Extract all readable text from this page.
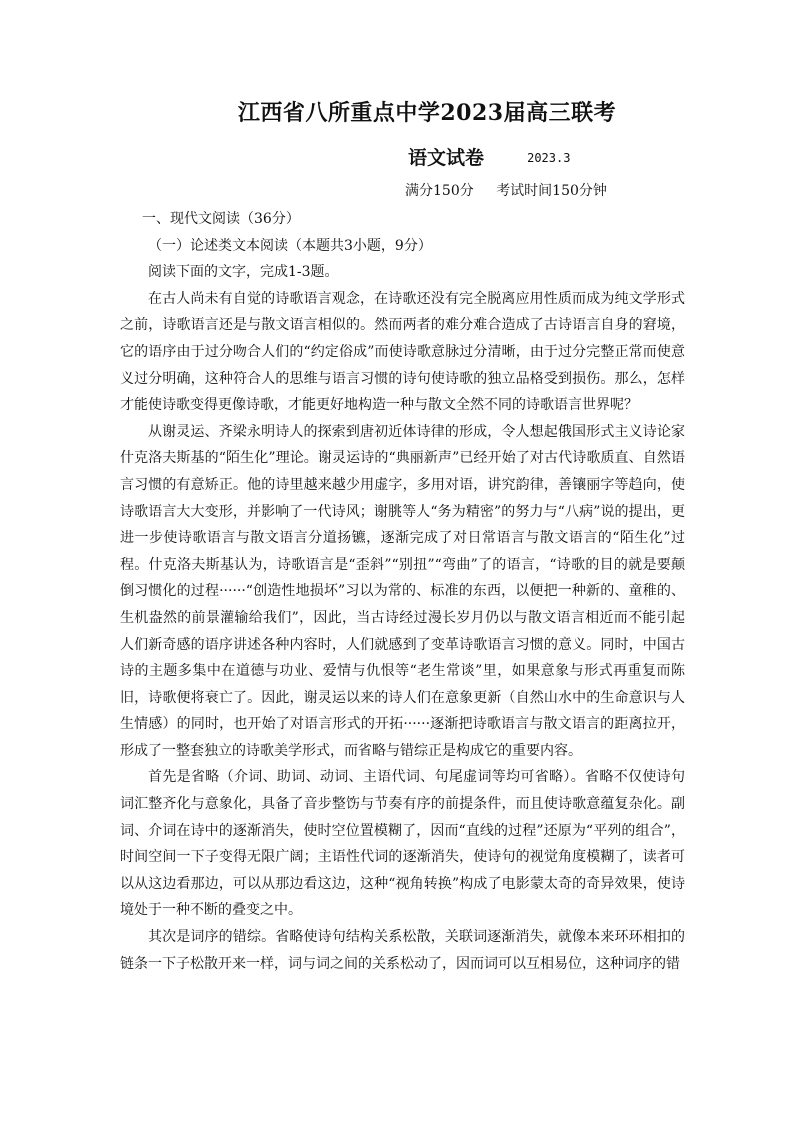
江西省八所重点中学2023届高三联考
语文试卷	2023.3
满分150分 考试时间150分钟

一、现代文阅读（36分）

（一）论述类文本阅读（本题共3小题，9分）

阅读下面的文字，完成1-3题。

在古人尚未有自觉的诗歌语言观念，在诗歌还没有完全脱离应用性质而成为纯文学形式之前，诗歌语言还是与散文语言相似的。然而两者的难分难合造成了古诗语言自身的窘境，它的语序由于过分吻合人们的“约定俗成”而使诗歌意脉过分清晰，由于过分完整正常而使意义过分明确，这种符合人的思维与语言习惯的诗句使诗歌的独立品格受到损伤。那么，怎样才能使诗歌变得更像诗歌，才能更好地构造一种与散文全然不同的诗歌语言世界呢？

从谢灵运、齐梁永明诗人的探索到唐初近体诗律的形成，令人想起俄国形式主义诗论家什克洛夫斯基的“陌生化”理论。谢灵运诗的“典丽新声”已经开始了对古代诗歌质直、自然语言习惯的有意矫正。他的诗里越来越少用虚字，多用对语，讲究韵律，善镶丽字等趋向，使诗歌语言大大变形，并影响了一代诗风；谢朓等人“务为精密”的努力与“八病”说的提出，更进一步使诗歌语言与散文语言分道扬镳，逐渐完成了对日常语言与散文语言的“陌生化”过程。什克洛夫斯基认为，诗歌语言是“歪斜”“别扭”“弯曲”了的语言，“诗歌的目的就是要颠倒习惯化的过程······“创造性地损坏”习以为常的、标准的东西，以便把一种新的、童稚的、生机盎然的前景灌输给我们”，因此，当古诗经过漫长岁月仍以与散文语言相近而不能引起人们新奇感的语序讲述各种内容时，人们就感到了变革诗歌语言习惯的意义。同时，中国古诗的主题多集中在道德与功业、爱情与仇恨等“老生常谈”里，如果意象与形式再重复而陈旧，诗歌便将衰亡了。因此，谢灵运以来的诗人们在意象更新（自然山水中的生命意识与人生情感）的同时，也开始了对语言形式的开拓······逐渐把诗歌语言与散文语言的距离拉开，形成了一整套独立的诗歌美学形式，而省略与错综正是构成它的重要内容。

首先是省略（介词、助词、动词、主语代词、句尾虚词等均可省略）。省略不仅使诗句词汇整齐化与意象化，具备了音步整饬与节奏有序的前提条件，而且使诗歌意蕴复杂化。副词、介词在诗中的逐渐消失，使时空位置模糊了，因而“直线的过程”还原为“平列的组合”，时间空间一下子变得无限广阔；主语性代词的逐渐消失，使诗句的视觉角度模糊了，读者可以从这边看那边，可以从那边看这边，这种“视角转换”构成了电影蒙太奇的奇异效果，使诗境处于一种不断的叠变之中。

其次是词序的错综。省略使诗句结构关系松散，关联词逐渐消失，就像本来环环相扣的链条一下子松散开来一样，词与词之间的关系松动了，因而词可以互相易位，这种词序的错
